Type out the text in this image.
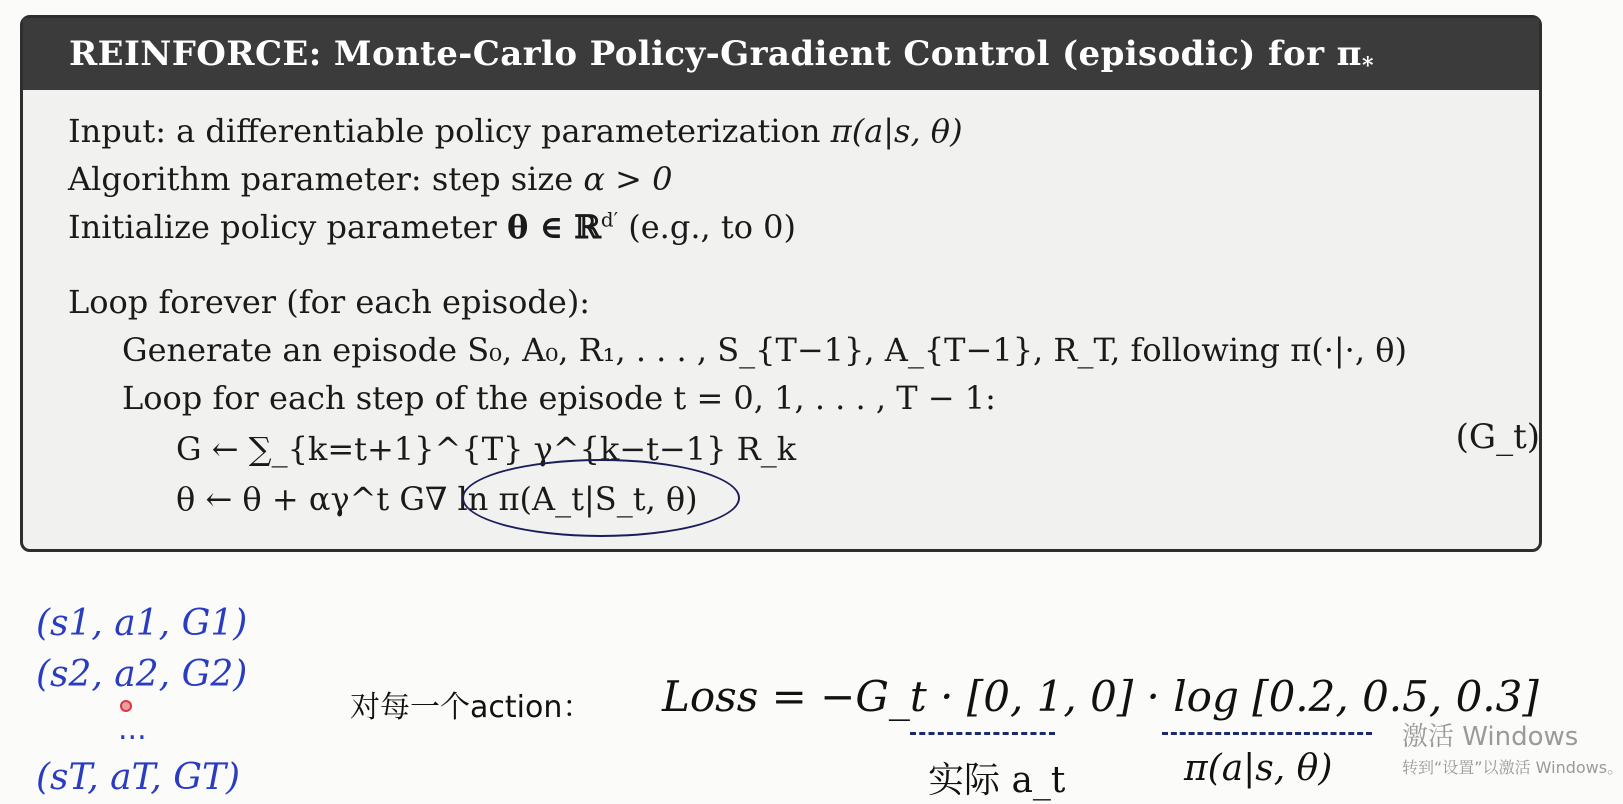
REINFORCE: Monte-Carlo Policy-Gradient Control (episodic) for $\pi_*$
Input: a differentiable policy parameterization π(a|s, θ)
Algorithm parameter: step size α > 0
Initialize policy parameter θ ∈ ℝ$^{d'}$ (e.g., to 0)
Loop forever (for each episode):
Generate an episode S₀, A₀, R₁, . . . , S_{T−1}, A_{T−1}, R_T, following π(·|·, θ)
Loop for each step of the episode t = 0, 1, . . . , T − 1:
G ← ∑_{k=t+1}^{T} γ^{k−t−1} R_k	(G_t)
θ ← θ + αγ^t G∇ ln π(A_t|S_t, θ)
(s1, a1, G1)
(s2, a2, G2)
...
(sT, aT, GT)
对每一个action： Loss = −G_t · [0, 1, 0] · log [0.2, 0.5, 0.3]
实际 a_t	π(a|s, θ)
激活 Windows
转到“设置”以激活 Windows。
